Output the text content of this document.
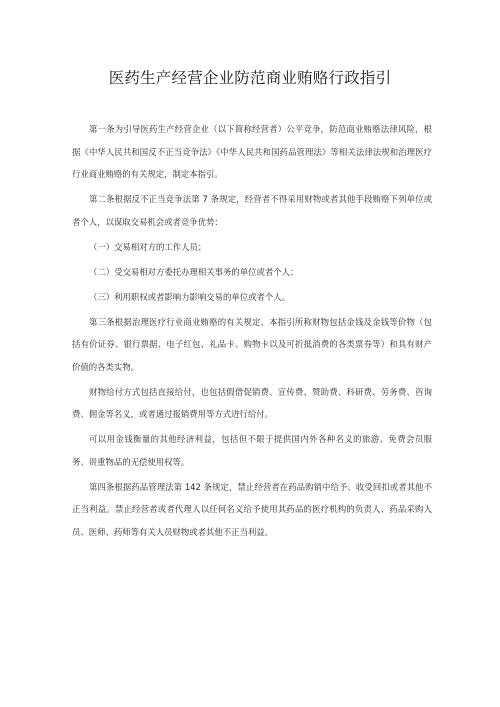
医药生产经营企业防范商业贿赂行政指引

第一条为引导医药生产经营企业（以下简称经营者）公平竞争，防范商业贿赂法律风险，根据《中华人民共和国反不正当竞争法》《中华人民共和国药品管理法》等相关法律法规和治理医疗行业商业贿赂的有关规定，制定本指引。

第二条根据反不正当竞争法第 7 条规定，经营者不得采用财物或者其他手段贿赂下列单位或者个人，以谋取交易机会或者竞争优势：

（一）交易相对方的工作人员；

（二）受交易相对方委托办理相关事务的单位或者个人；

（三）利用职权或者影响力影响交易的单位或者个人。

第三条根据治理医疗行业商业贿赂的有关规定，本指引所称财物包括金钱及金钱等价物（包括有价证券、银行票据、电子红包、礼品卡、购物卡以及可折抵消费的各类票券等）和具有财产价值的各类实物。

财物给付方式包括直接给付，也包括假借促销费、宣传费、赞助费、科研费、劳务费、咨询费、佣金等名义，或者通过报销费用等方式进行给付。

可以用金钱衡量的其他经济利益，包括但不限于提供国内外各种名义的旅游、免费会员服务、贵重物品的无偿使用权等。

第四条根据药品管理法第 142 条规定，禁止经营者在药品购销中给予、收受回扣或者其他不正当利益。禁止经营者或者代理人以任何名义给予使用其药品的医疗机构的负责人、药品采购人员、医师、药师等有关人员财物或者其他不正当利益。
